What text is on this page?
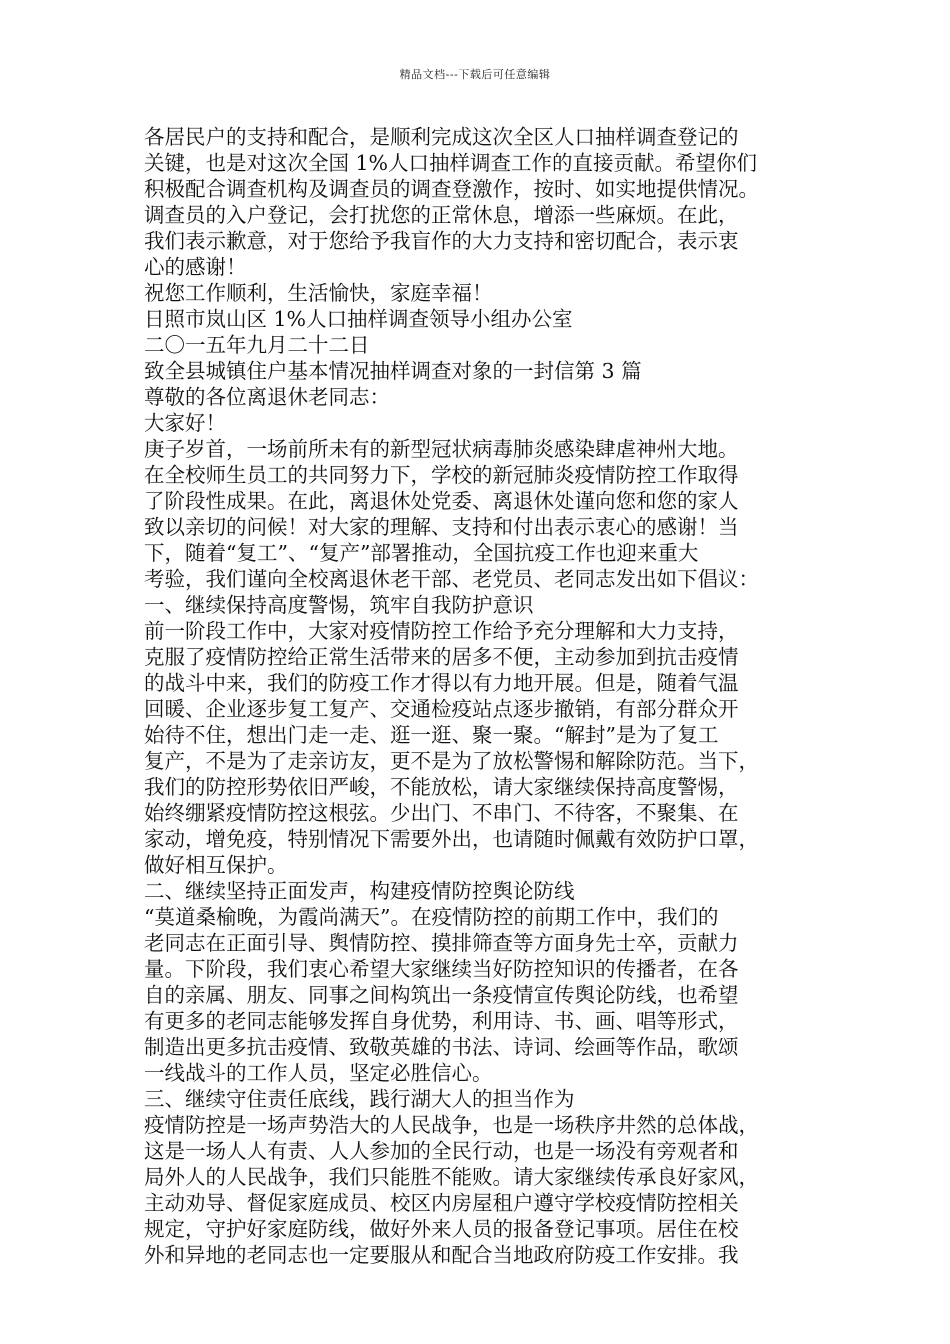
精品文档---下载后可任意编辑
各居民户的支持和配合，是顺利完成这次全区人口抽样调查登记的
关键，也是对这次全国 1%人口抽样调查工作的直接贡献。希望你们
积极配合调查机构及调查员的调查登激作，按时、如实地提供情况。
调查员的入户登记，会打扰您的正常休息，增添一些麻烦。在此，
我们表示歉意，对于您给予我盲作的大力支持和密切配合，表示衷
心的感谢！
祝您工作顺利，生活愉快，家庭幸福！
日照市岚山区 1%人口抽样调查领导小组办公室
二〇一五年九月二十二日
致全县城镇住户基本情况抽样调查对象的一封信第 3 篇
尊敬的各位离退休老同志：
大家好！
庚子岁首，一场前所未有的新型冠状病毒肺炎感染肆虐神州大地。
在全校师生员工的共同努力下，学校的新冠肺炎疫情防控工作取得
了阶段性成果。在此，离退休处党委、离退休处谨向您和您的家人
致以亲切的问候！对大家的理解、支持和付出表示衷心的感谢！当
下，随着“复工”、“复产”部署推动，全国抗疫工作也迎来重大
考验，我们谨向全校离退休老干部、老党员、老同志发出如下倡议：
一、继续保持高度警惕，筑牢自我防护意识
前一阶段工作中，大家对疫情防控工作给予充分理解和大力支持，
克服了疫情防控给正常生活带来的居多不便，主动参加到抗击疫情
的战斗中来，我们的防疫工作才得以有力地开展。但是，随着气温
回暖、企业逐步复工复产、交通检疫站点逐步撤销，有部分群众开
始待不住，想出门走一走、逛一逛、聚一聚。“解封”是为了复工
复产，不是为了走亲访友，更不是为了放松警惕和解除防范。当下，
我们的防控形势依旧严峻，不能放松，请大家继续保持高度警惕，
始终绷紧疫情防控这根弦。少出门、不串门、不待客，不聚集、在
家动，增免疫，特别情况下需要外出，也请随时佩戴有效防护口罩，
做好相互保护。
二、继续坚持正面发声，构建疫情防控舆论防线
“莫道桑榆晚，为霞尚满天”。在疫情防控的前期工作中，我们的
老同志在正面引导、舆情防控、摸排筛查等方面身先士卒，贡献力
量。下阶段，我们衷心希望大家继续当好防控知识的传播者，在各
自的亲属、朋友、同事之间构筑出一条疫情宣传舆论防线，也希望
有更多的老同志能够发挥自身优势，利用诗、书、画、唱等形式，
制造出更多抗击疫情、致敬英雄的书法、诗词、绘画等作品，歌颂
一线战斗的工作人员，坚定必胜信心。
三、继续守住责任底线，践行湖大人的担当作为
疫情防控是一场声势浩大的人民战争，也是一场秩序井然的总体战，
这是一场人人有责、人人参加的全民行动，也是一场没有旁观者和
局外人的人民战争，我们只能胜不能败。请大家继续传承良好家风，
主动劝导、督促家庭成员、校区内房屋租户遵守学校疫情防控相关
规定，守护好家庭防线，做好外来人员的报备登记事项。居住在校
外和异地的老同志也一定要服从和配合当地政府防疫工作安排。我
